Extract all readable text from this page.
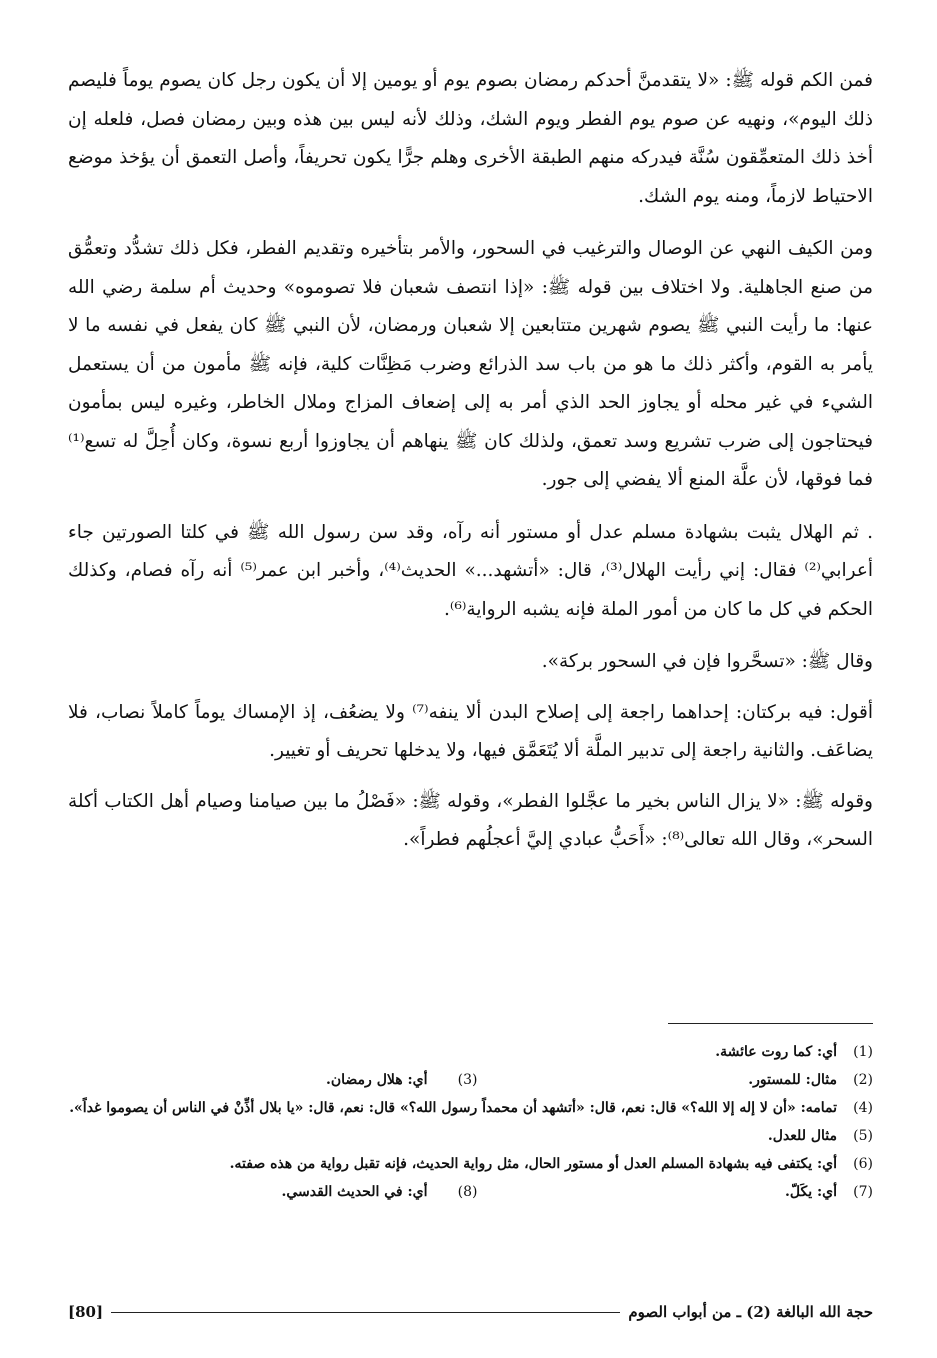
فمن الكم قوله ﷺ: «لا يتقدمنَّ أحدكم رمضان بصوم يوم أو يومين إلا أن يكون رجل كان يصوم يوماً فليصم ذلك اليوم»، ونهيه عن صوم يوم الفطر ويوم الشك، وذلك لأنه ليس بين هذه وبين رمضان فصل، فلعله إن أخذ ذلك المتعمِّقون سُنَّة فيدركه منهم الطبقة الأخرى وهلم جرًّا يكون تحريفاً، وأصل التعمق أن يؤخذ موضع الاحتياط لازماً، ومنه يوم الشك.

ومن الكيف النهي عن الوصال والترغيب في السحور، والأمر بتأخيره وتقديم الفطر، فكل ذلك تشدُّد وتعمُّق من صنع الجاهلية. ولا اختلاف بين قوله ﷺ: «إذا انتصف شعبان فلا تصوموه» وحديث أم سلمة رضي الله عنها: ما رأيت النبي ﷺ يصوم شهرين متتابعين إلا شعبان ورمضان، لأن النبي ﷺ كان يفعل في نفسه ما لا يأمر به القوم، وأكثر ذلك ما هو من باب سد الذرائع وضرب مَظِنَّات كلية، فإنه ﷺ مأمون من أن يستعمل الشيء في غير محله أو يجاوز الحد الذي أمر به إلى إضعاف المزاج وملال الخاطر، وغيره ليس بمأمون فيحتاجون إلى ضرب تشريع وسد تعمق، ولذلك كان ﷺ ينهاهم أن يجاوزوا أربع نسوة، وكان أُحِلَّ له تسع⁽¹⁾ فما فوقها، لأن علَّة المنع ألا يفضي إلى جور.

. ثم الهلال يثبت بشهادة مسلم عدل أو مستور أنه رآه، وقد سن رسول الله ﷺ في كلتا الصورتين جاء أعرابي⁽²⁾ فقال: إني رأيت الهلال⁽³⁾، قال: «أتشهد...» الحديث⁽⁴⁾، وأخبر ابن عمر⁽⁵⁾ أنه رآه فصام، وكذلك الحكم في كل ما كان من أمور الملة فإنه يشبه الرواية⁽⁶⁾.

وقال ﷺ: «تسحَّروا فإن في السحور بركة».

أقول: فيه بركتان: إحداهما راجعة إلى إصلاح البدن ألا ينفه⁽⁷⁾ ولا يضعُف، إذ الإمساك يوماً كاملاً نصاب، فلا يضاعَف. والثانية راجعة إلى تدبير الملَّة ألا يُتَعَمَّق فيها، ولا يدخلها تحريف أو تغيير.

وقوله ﷺ: «لا يزال الناس بخير ما عجَّلوا الفطر»، وقوله ﷺ: «فَصْلُ ما بين صيامنا وصيام أهل الكتاب أكلة السحر»، وقال الله تعالى⁽⁸⁾: «أَحَبُّ عبادي إليَّ أعجلُهم فطراً».

(1)
أي: كما روت عائشة.
(2)
مثال: للمستور.
(3)
أي: هلال رمضان.
(4)
تمامه: «أن لا إله إلا الله؟» قال: نعم، قال: «أتشهد أن محمداً رسول الله؟» قال: نعم، قال: «يا بلال أذِّنْ في الناس أن يصوموا غداً».
(5)
مثال للعدل.
(6)
أي: يكتفى فيه بشهادة المسلم العدل أو مستور الحال، مثل رواية الحديث، فإنه تقبل رواية من هذه صفته.
(7)
أي: يكَلّ.
(8)
أي: في الحديث القدسي.
حجة الله البالغة (2) ـ من أبواب الصوم
[80]
